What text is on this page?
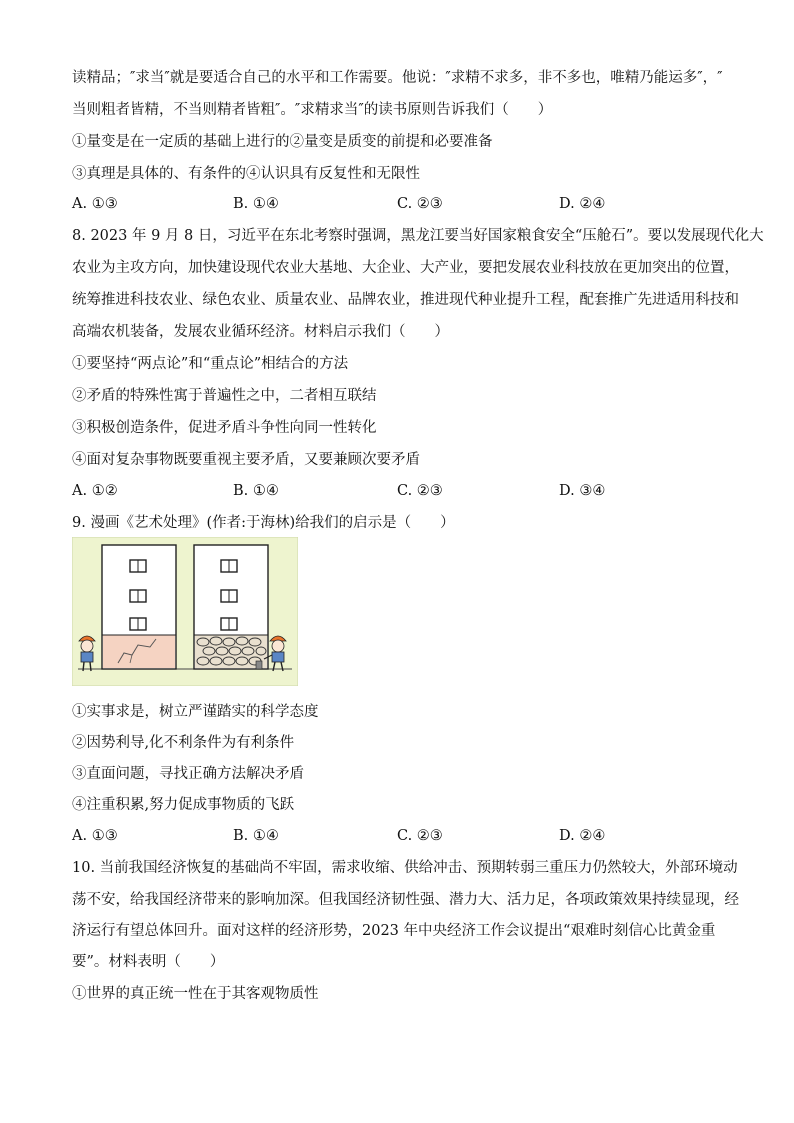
读精品；″求当″就是要适合自己的水平和工作需要。他说：″求精不求多，非不多也，唯精乃能运多″，″
当则粗者皆精，不当则精者皆粗″。″求精求当″的读书原则告诉我们（　　）
①量变是在一定质的基础上进行的②量变是质变的前提和必要准备
③真理是具体的、有条件的④认识具有反复性和无限性
A. ①③	B. ①④	C. ②③	D. ②④
8. 2023 年 9 月 8 日，习近平在东北考察时强调，黑龙江要当好国家粮食安全“压舱石”。要以发展现代化大
农业为主攻方向，加快建设现代农业大基地、大企业、大产业，要把发展农业科技放在更加突出的位置，
统筹推进科技农业、绿色农业、质量农业、品牌农业，推进现代种业提升工程，配套推广先进适用科技和
高端农机装备，发展农业循环经济。材料启示我们（　　）
①要坚持“两点论”和“重点论”相结合的方法
②矛盾的特殊性寓于普遍性之中，二者相互联结
③积极创造条件，促进矛盾斗争性向同一性转化
④面对复杂事物既要重视主要矛盾，又要兼顾次要矛盾
A. ①②	B. ①④	C. ②③	D. ③④
9. 漫画《艺术处理》(作者:于海林)给我们的启示是（　　）
①实事求是，树立严谨踏实的科学态度
②因势利导,化不利条件为有利条件
③直面问题，寻找正确方法解决矛盾
④注重积累,努力促成事物质的飞跃
A. ①③	B. ①④	C. ②③	D. ②④
10. 当前我国经济恢复的基础尚不牢固，需求收缩、供给冲击、预期转弱三重压力仍然较大，外部环境动
荡不安，给我国经济带来的影响加深。但我国经济韧性强、潜力大、活力足，各项政策效果持续显现，经
济运行有望总体回升。面对这样的经济形势，2023 年中央经济工作会议提出“艰难时刻信心比黄金重
要”。材料表明（　　）
①世界的真正统一性在于其客观物质性
